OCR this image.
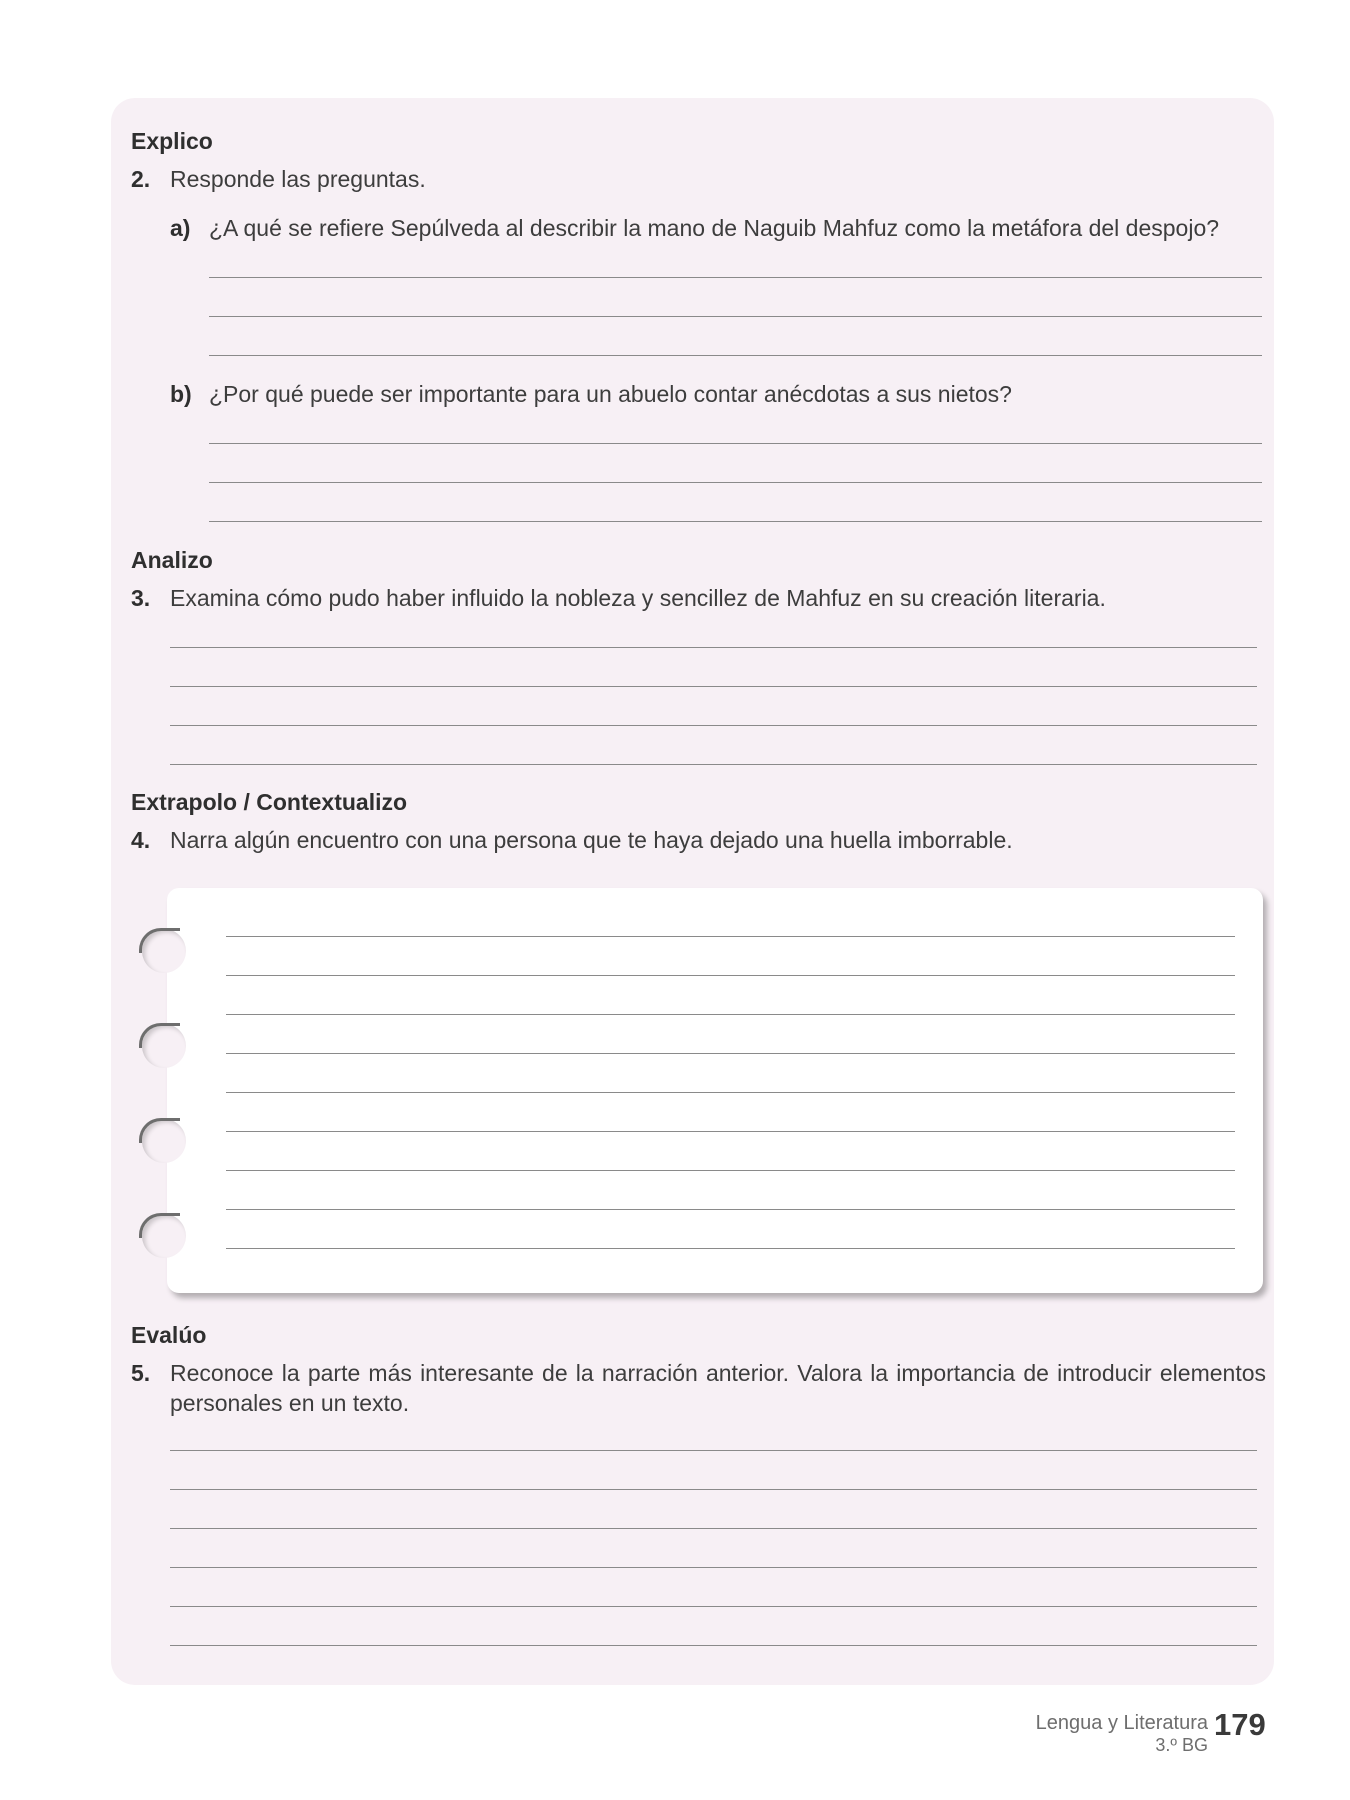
Explico
2. Responde las preguntas.
a) ¿A qué se refiere Sepúlveda al describir la mano de Naguib Mahfuz como la metáfora del despojo?
b) ¿Por qué puede ser importante para un abuelo contar anécdotas a sus nietos?
Analizo
3. Examina cómo pudo haber influido la nobleza y sencillez de Mahfuz en su creación literaria.
Extrapolo / Contextualizo
4. Narra algún encuentro con una persona que te haya dejado una huella imborrable.
Evalúo
5. Reconoce la parte más interesante de la narración anterior. Valora la importancia de introducir elementos personales en un texto.
Lengua y Literatura
3.º BG
179
